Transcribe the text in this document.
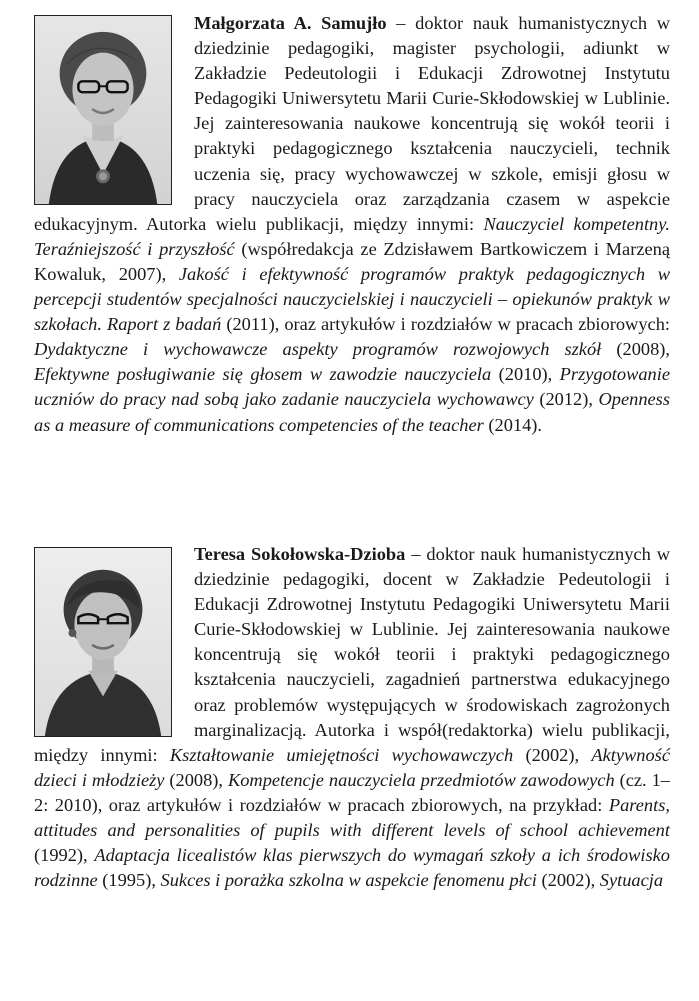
Małgorzata A. Samujło – doktor nauk humanistycznych w dziedzinie pedagogiki, magister psychologii, adiunkt w Zakładzie Pedeutologii i Edukacji Zdrowotnej Instytutu Pedagogiki Uniwersytetu Marii Curie-Skłodowskiej w Lublinie. Jej zainteresowania naukowe koncentrują się wokół teorii i praktyki pedagogicznego kształcenia nauczycieli, technik uczenia się, pracy wychowawczej w szkole, emisji głosu w pracy nauczyciela oraz zarządzania czasem w aspekcie edukacyjnym. Autorka wielu publikacji, między innymi: Nauczyciel kompetentny. Teraźniejszość i przyszłość (współredakcja ze Zdzisławem Bartkowiczem i Marzeną Kowaluk, 2007), Jakość i efektywność programów praktyk pedagogicznych w percepcji studentów specjalności nauczycielskiej i nauczycieli – opiekunów praktyk w szkołach. Raport z badań (2011), oraz artykułów i rozdziałów w pracach zbiorowych: Dydaktyczne i wychowawcze aspekty programów rozwojowych szkół (2008), Efektywne posługiwanie się głosem w zawodzie nauczyciela (2010), Przygotowanie uczniów do pracy nad sobą jako zadanie nauczyciela wychowawcy (2012), Openness as a measure of communications competencies of the teacher (2014).
Teresa Sokołowska-Dzioba – doktor nauk humanistycznych w dziedzinie pedagogiki, docent w Zakładzie Pedeutologii i Edukacji Zdrowotnej Instytutu Pedagogiki Uniwersytetu Marii Curie-Skłodowskiej w Lublinie. Jej zainteresowania naukowe koncentrują się wokół teorii i praktyki pedagogicznego kształcenia nauczycieli, zagadnień partnerstwa edukacyjnego oraz problemów występujących w środowiskach zagrożonych marginalizacją. Autorka i współ(redaktorka) wielu publikacji, między innymi: Kształtowanie umiejętności wychowawczych (2002), Aktywność dzieci i młodzieży (2008), Kompetencje nauczyciela przedmiotów zawodowych (cz. 1–2: 2010), oraz artykułów i rozdziałów w pracach zbiorowych, na przykład: Parents, attitudes and personalities of pupils with different levels of school achievement (1992), Adaptacja licealistów klas pierwszych do wymagań szkoły a ich środowisko rodzinne (1995), Sukces i porażka szkolna w aspekcie fenomenu płci (2002), Sytuacja
